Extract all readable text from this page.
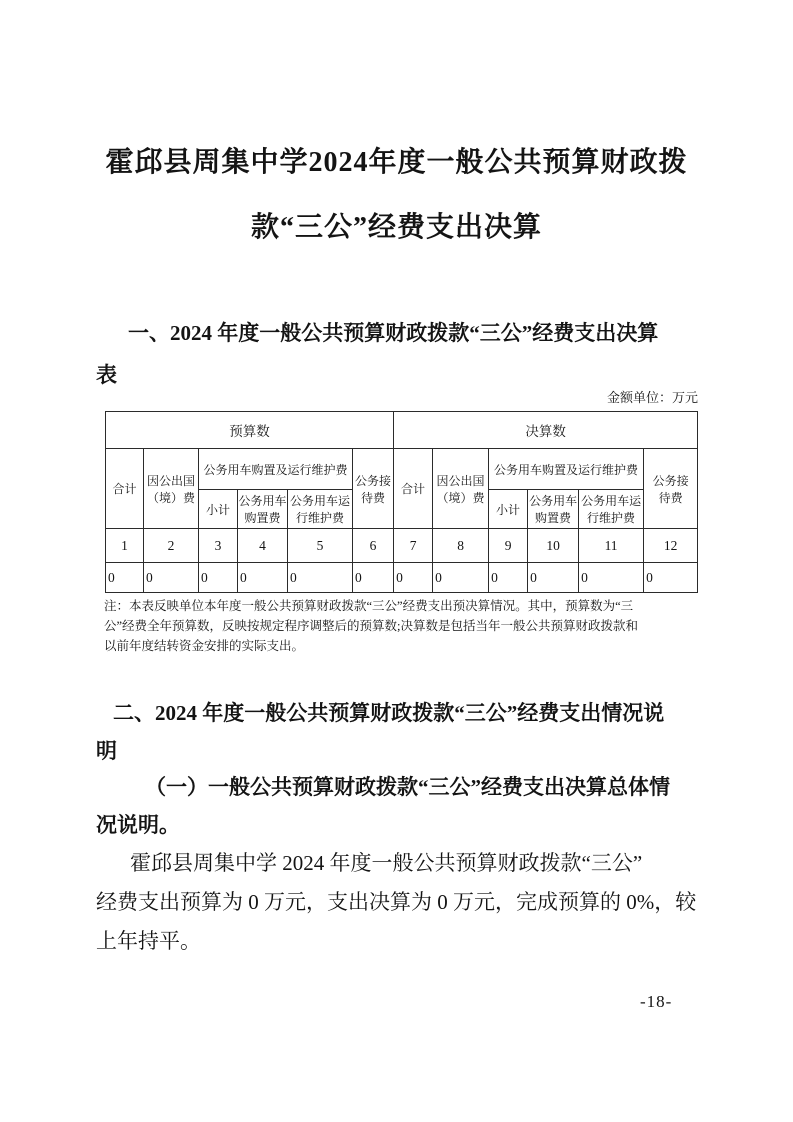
霍邱县周集中学2024年度一般公共预算财政拨
款“三公”经费支出决算
一、2024 年度一般公共预算财政拨款“三公”经费支出决算
表
金额单位：万元
预算数						决算数					
合计	因公出国（境）费	公务用车购置及运行维护费			公务接待费	合计	因公出国（境）费	公务用车购置及运行维护费			公务接待费
		小计	公务用车购置费	公务用车运行维护费				小计	公务用车购置费	公务用车运行维护费	
1	2	3	4	5	6	7	8	9	10	11	12
0	0	0	0	0	0	0	0	0	0	0	0
注：本表反映单位本年度一般公共预算财政拨款“三公”经费支出预决算情况。其中，预算数为“三
公”经费全年预算数，反映按规定程序调整后的预算数;决算数是包括当年一般公共预算财政拨款和
以前年度结转资金安排的实际支出。
二、2024 年度一般公共预算财政拨款“三公”经费支出情况说
明
（一）一般公共预算财政拨款“三公”经费支出决算总体情
况说明。
霍邱县周集中学 2024 年度一般公共预算财政拨款“三公”
经费支出预算为 0 万元，支出决算为 0 万元，完成预算的 0%，较
上年持平。
-18-
